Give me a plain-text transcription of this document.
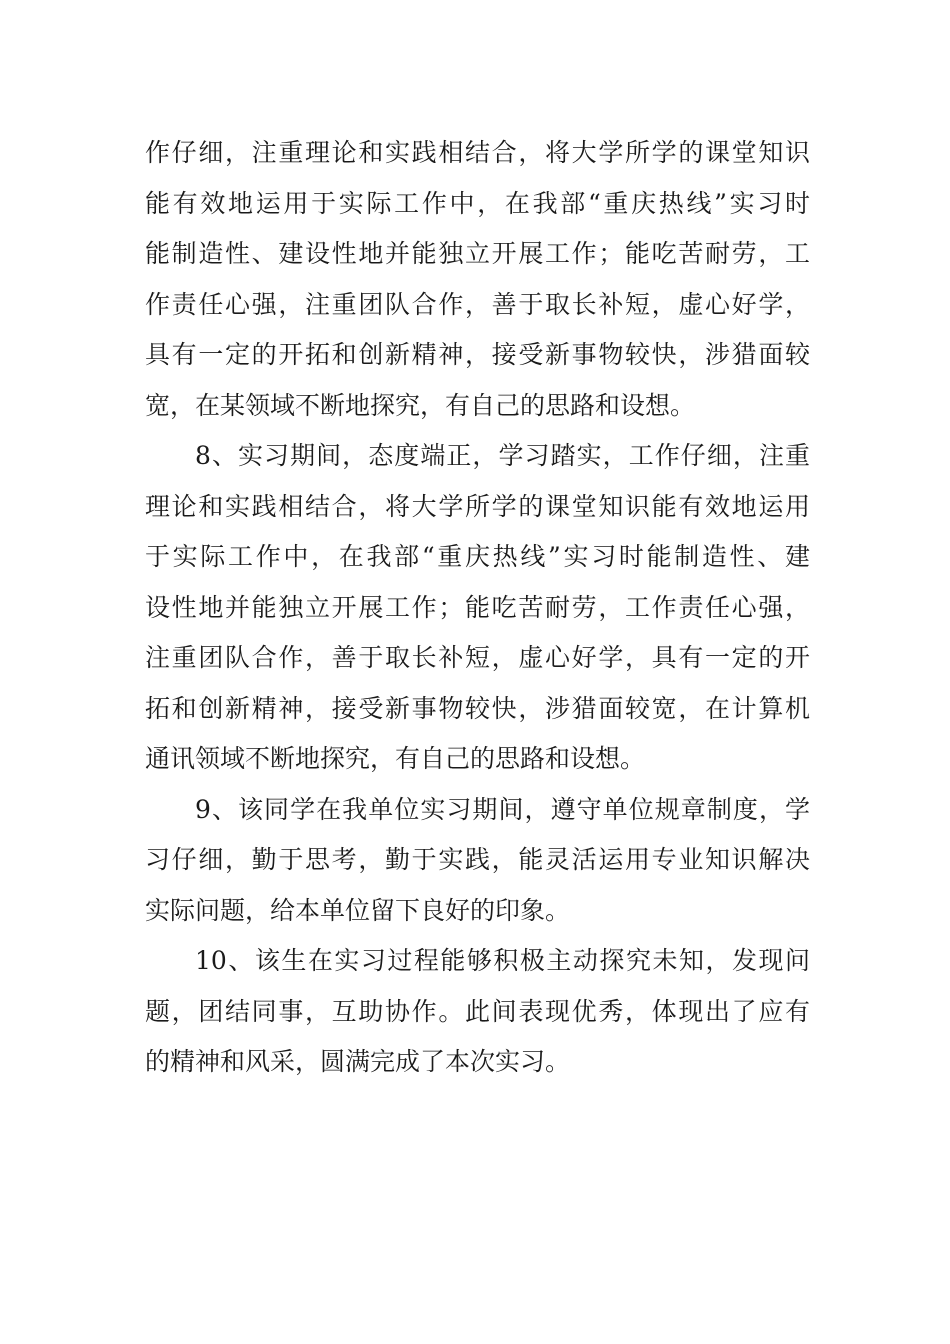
作仔细，注重理论和实践相结合，将大学所学的课堂知识
能有效地运用于实际工作中，在我部“重庆热线”实习时
能制造性、建设性地并能独立开展工作；能吃苦耐劳，工
作责任心强，注重团队合作，善于取长补短，虚心好学，
具有一定的开拓和创新精神，接受新事物较快，涉猎面较
宽，在某领域不断地探究，有自己的思路和设想。

8、实习期间，态度端正，学习踏实，工作仔细，注重
理论和实践相结合，将大学所学的课堂知识能有效地运用
于实际工作中，在我部“重庆热线”实习时能制造性、建
设性地并能独立开展工作；能吃苦耐劳，工作责任心强，
注重团队合作，善于取长补短，虚心好学，具有一定的开
拓和创新精神，接受新事物较快，涉猎面较宽，在计算机
通讯领域不断地探究，有自己的思路和设想。

9、该同学在我单位实习期间，遵守单位规章制度，学
习仔细，勤于思考，勤于实践，能灵活运用专业知识解决
实际问题，给本单位留下良好的印象。

10、该生在实习过程能够积极主动探究未知，发现问
题，团结同事，互助协作。此间表现优秀，体现出了应有
的精神和风采，圆满完成了本次实习。
